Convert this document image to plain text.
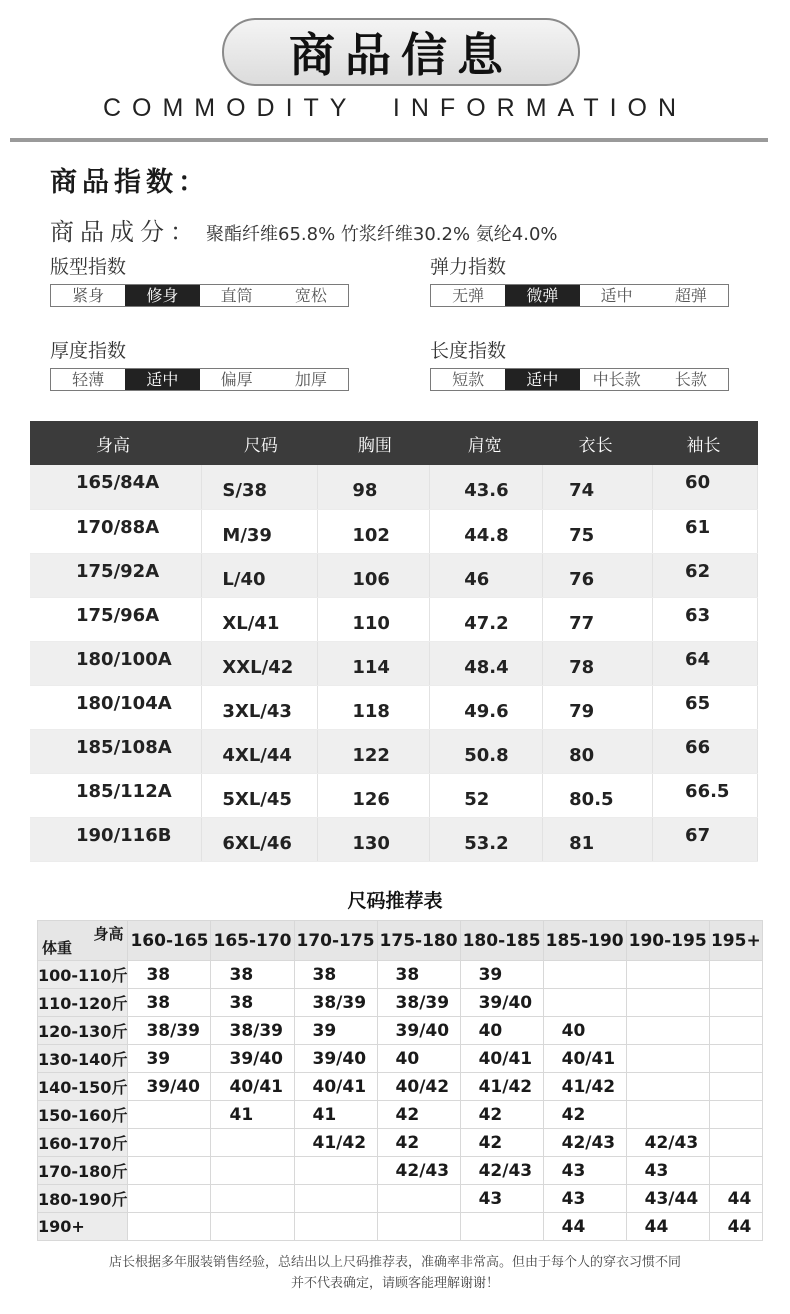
商品信息
COMMODITY  INFORMATION
商品指数：
商品成分： 聚酯纤维65.8% 竹浆纤维30.2% 氨纶4.0%
版型指数
紧身	修身	直筒	宽松
弹力指数
无弹	微弹	适中	超弹
厚度指数
轻薄	适中	偏厚	加厚
长度指数
短款	适中	中长款	长款
身高	尺码	胸围	肩宽	衣长	袖长
165/84A	S/38	98	43.6	74	60
170/88A	M/39	102	44.8	75	61
175/92A	L/40	106	46	76	62
175/96A	XL/41	110	47.2	77	63
180/100A	XXL/42	114	48.4	78	64
180/104A	3XL/43	118	49.6	79	65
185/108A	4XL/44	122	50.8	80	66
185/112A	5XL/45	126	52	80.5	66.5
190/116B	6XL/46	130	53.2	81	67
尺码推荐表
身高
体重	160-165	165-170	170-175	175-180	180-185	185-190	190-195	195+
100-110斤	38	38	38	38	39			
110-120斤	38	38	38/39	38/39	39/40			
120-130斤	38/39	38/39	39	39/40	40	40		
130-140斤	39	39/40	39/40	40	40/41	40/41		
140-150斤	39/40	40/41	40/41	40/42	41/42	41/42		
150-160斤		41	41	42	42	42		
160-170斤			41/42	42	42	42/43	42/43	
170-180斤				42/43	42/43	43	43	
180-190斤					43	43	43/44	44
190+						44	44	44
店长根据多年服装销售经验，总结出以上尺码推荐表，准确率非常高。但由于每个人的穿衣习惯不同
并不代表确定，请顾客能理解谢谢！
